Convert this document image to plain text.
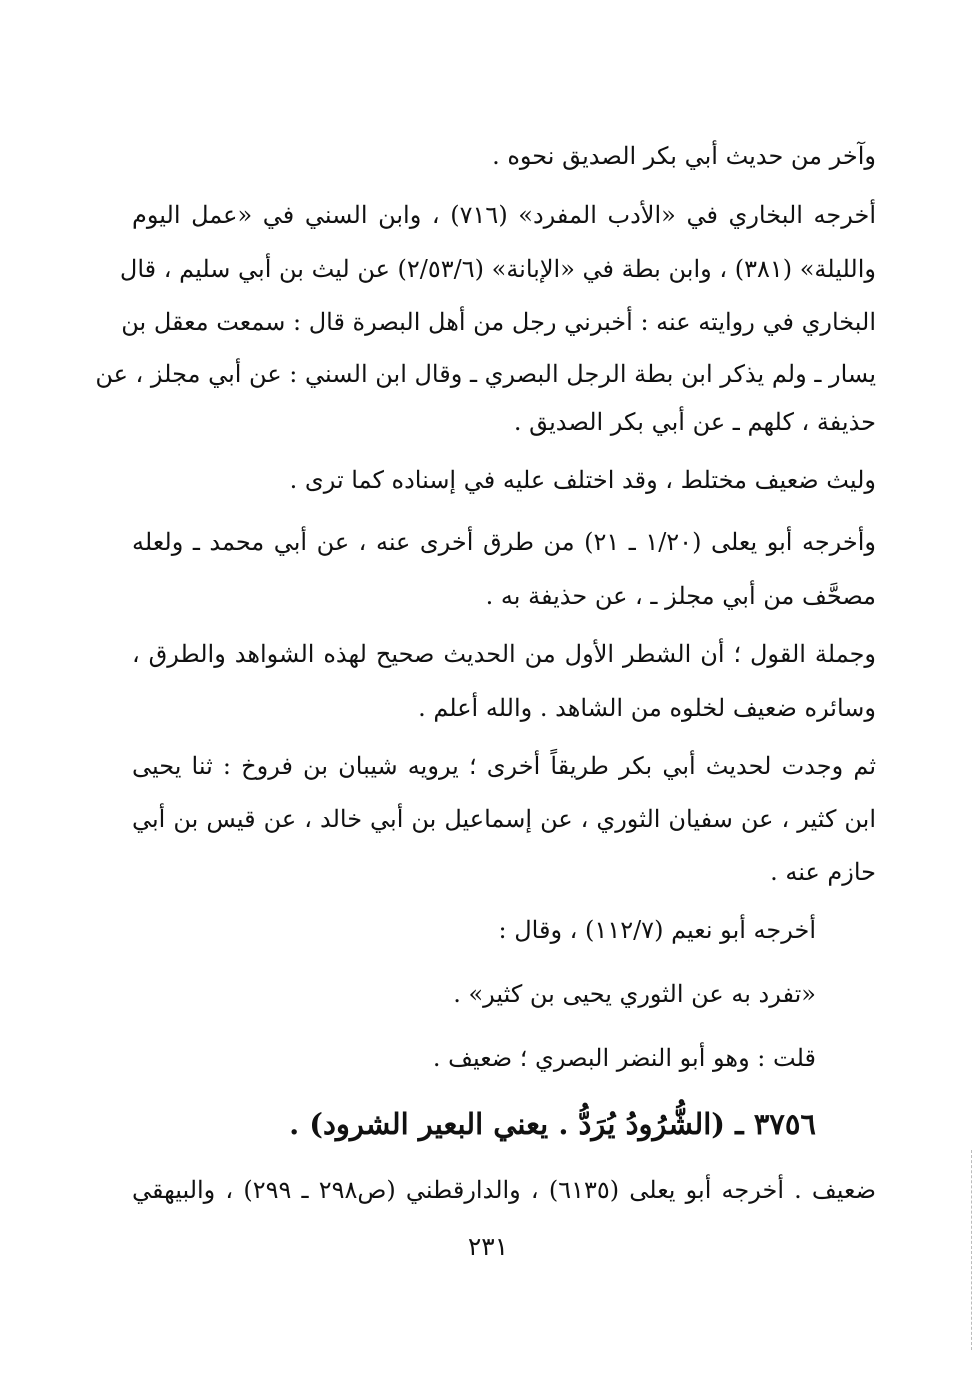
وآخر من حديث أبي بكر الصديق نحوه .
أخرجه البخاري في «الأدب المفرد» (٧١٦) ، وابن السني في «عمل اليوم
والليلة» (٣٨١) ، وابن بطة في «الإبانة» (٢/٥٣/٦) عن ليث بن أبي سليم ، قال
البخاري في روايته عنه : أخبرني رجل من أهل البصرة قال : سمعت معقل بن
يسار ـ ولم يذكر ابن بطة الرجل البصري ـ وقال ابن السني : عن أبي مجلز ، عن
حذيفة ، كلهم ـ عن أبي بكر الصديق .
وليث ضعيف مختلط ، وقد اختلف عليه في إسناده كما ترى .
وأخرجه أبو يعلى (١/٢٠ ـ ٢١) من طرق أخرى عنه ، عن أبي محمد ـ ولعله
مصحَّف من أبي مجلز ـ ، عن حذيفة به .
وجملة القول ؛ أن الشطر الأول من الحديث صحيح لهذه الشواهد والطرق ،
وسائره ضعيف لخلوه من الشاهد . والله أعلم .
ثم وجدت لحديث أبي بكر طريقاً أخرى ؛ يرويه شيبان بن فروخ : ثنا يحيى
ابن كثير ، عن سفيان الثوري ، عن إسماعيل بن أبي خالد ، عن قيس بن أبي
حازم عنه .
أخرجه أبو نعيم (١١٢/٧) ، وقال :
«تفرد به عن الثوري يحيى بن كثير» .
قلت : وهو أبو النضر البصري ؛ ضعيف .
٣٧٥٦ ـ (الشُّرُودُ يُرَدُّ . يعني البعير الشرود) .
ضعيف . أخرجه أبو يعلى (٦١٣٥) ، والدارقطني (ص٢٩٨ ـ ٢٩٩) ، والبيهقي
٢٣١
